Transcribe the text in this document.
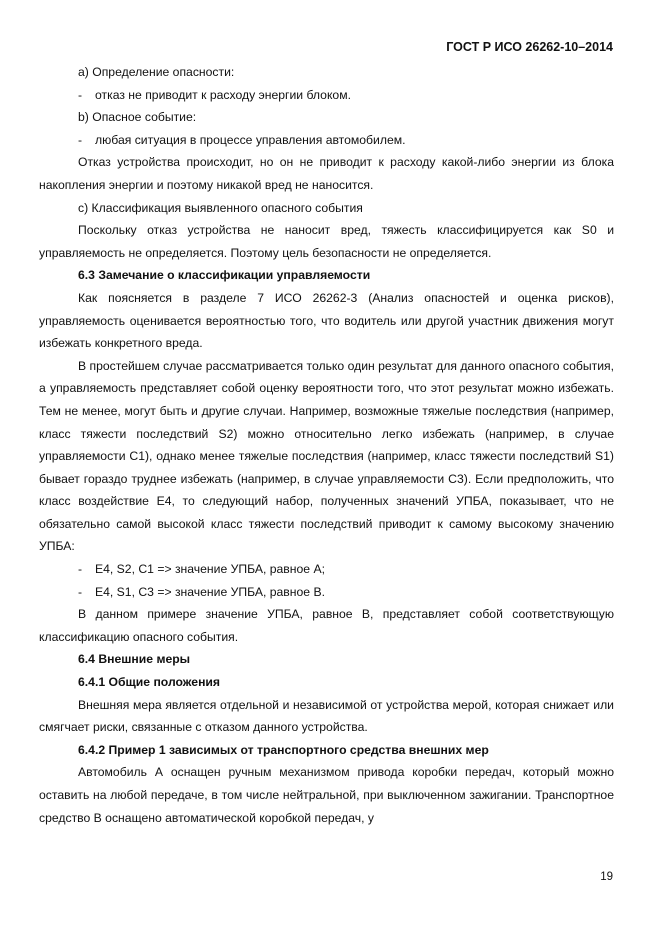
ГОСТ Р ИСО 26262-10–2014

а) Определение опасности:

- отказ не приводит к расходу энергии блоком.

b) Опасное событие:

- любая ситуация в процессе управления автомобилем.

Отказ устройства происходит, но он не приводит к расходу какой-либо энергии из блока накопления энергии и поэтому никакой вред не наносится.

с) Классификация выявленного опасного события

Поскольку отказ устройства не наносит вред, тяжесть классифицируется как S0 и управляемость не определяется. Поэтому цель безопасности не определяется.

6.3 Замечание о классификации управляемости

Как поясняется в разделе 7 ИСО 26262-3 (Анализ опасностей и оценка рисков), управляемость оценивается вероятностью того, что водитель или другой участник движения могут избежать конкретного вреда.

В простейшем случае рассматривается только один результат для данного опасного события, а управляемость представляет собой оценку вероятности того, что этот результат можно избежать. Тем не менее, могут быть и другие случаи. Например, возможные тяжелые последствия (например, класс тяжести последствий S2) можно относительно легко избежать (например, в случае управляемости С1), однако менее тяжелые последствия (например, класс тяжести последствий S1) бывает гораздо труднее избежать (например, в случае управляемости С3). Если предположить, что класс воздействие Е4, то следующий набор, полученных значений УПБА, показывает, что не обязательно самой высокой класс тяжести последствий приводит к самому высокому значению УПБА:

- Е4, S2, C1 => значение УПБА, равное А;

- Е4, S1, C3 => значение УПБА, равное В.

В данном примере значение УПБА, равное В, представляет собой соответствующую классификацию опасного события.

6.4 Внешние меры

6.4.1 Общие положения

Внешняя мера является отдельной и независимой от устройства мерой, которая снижает или смягчает риски, связанные с отказом данного устройства.

6.4.2 Пример 1 зависимых от транспортного средства внешних мер

Автомобиль А оснащен ручным механизмом привода коробки передач, который можно оставить на любой передаче, в том числе нейтральной, при выключенном зажигании. Транспортное средство В оснащено автоматической коробкой передач, у

19
